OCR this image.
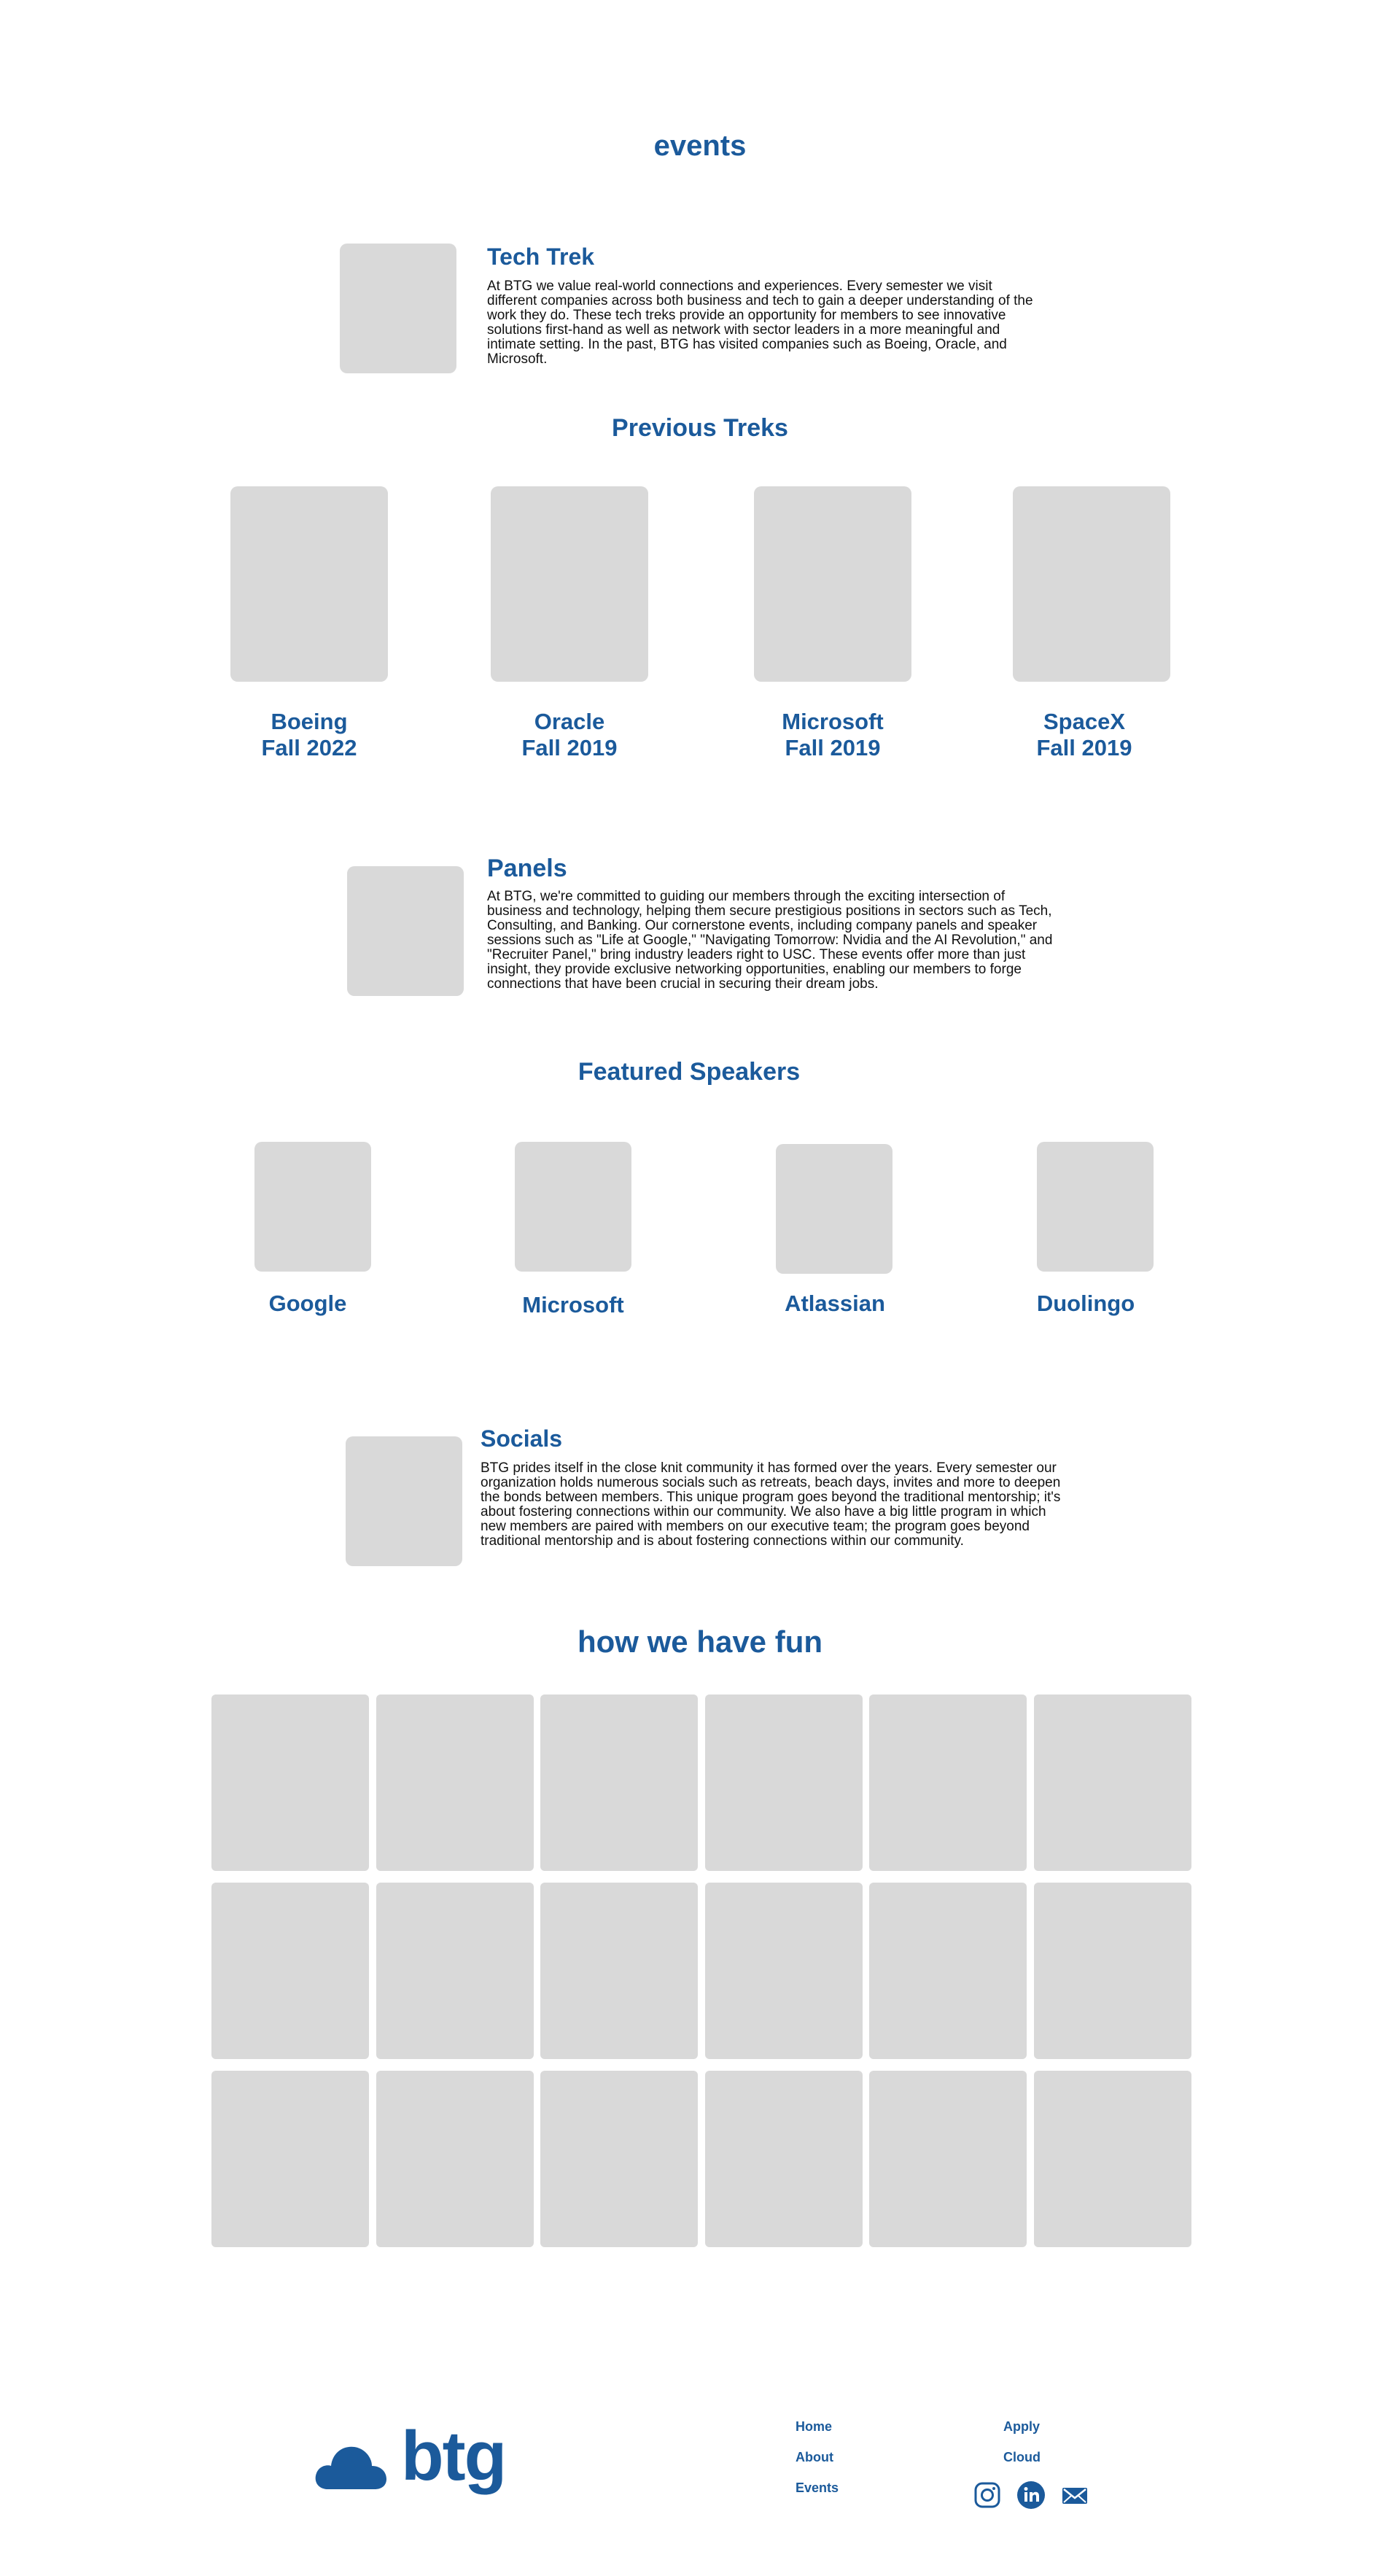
events
Tech Trek
At BTG we value real-world connections and experiences. Every semester we visit different companies across both business and tech to gain a deeper understanding of the work they do. These tech treks provide an opportunity for members to see innovative solutions first-hand as well as network with sector leaders in a more meaningful and intimate setting. In the past, BTG has visited companies such as Boeing, Oracle, and Microsoft.
Previous Treks
Boeing
Fall 2022
Oracle
Fall 2019
Microsoft
Fall 2019
SpaceX
Fall 2019
Panels
At BTG, we're committed to guiding our members through the exciting intersection of business and technology, helping them secure prestigious positions in sectors such as Tech, Consulting, and Banking. Our cornerstone events, including company panels and speaker sessions such as "Life at Google," "Navigating Tomorrow: Nvidia and the AI Revolution," and "Recruiter Panel," bring industry leaders right to USC. These events offer more than just insight, they provide exclusive networking opportunities, enabling our members to forge connections that have been crucial in securing their dream jobs.
Featured Speakers
Google	Microsoft	Atlassian	Duolingo
Socials
BTG prides itself in the close knit community it has formed over the years. Every semester our organization holds numerous socials such as retreats, beach days, invites and more to deepen the bonds between members. This unique program goes beyond the traditional mentorship; it's about fostering connections within our community. We also have a big little program in which new members are paired with members on our executive team; the program goes beyond traditional mentorship and is about fostering connections within our community.
how we have fun
btg	Home
About
Events
Apply
Cloud
